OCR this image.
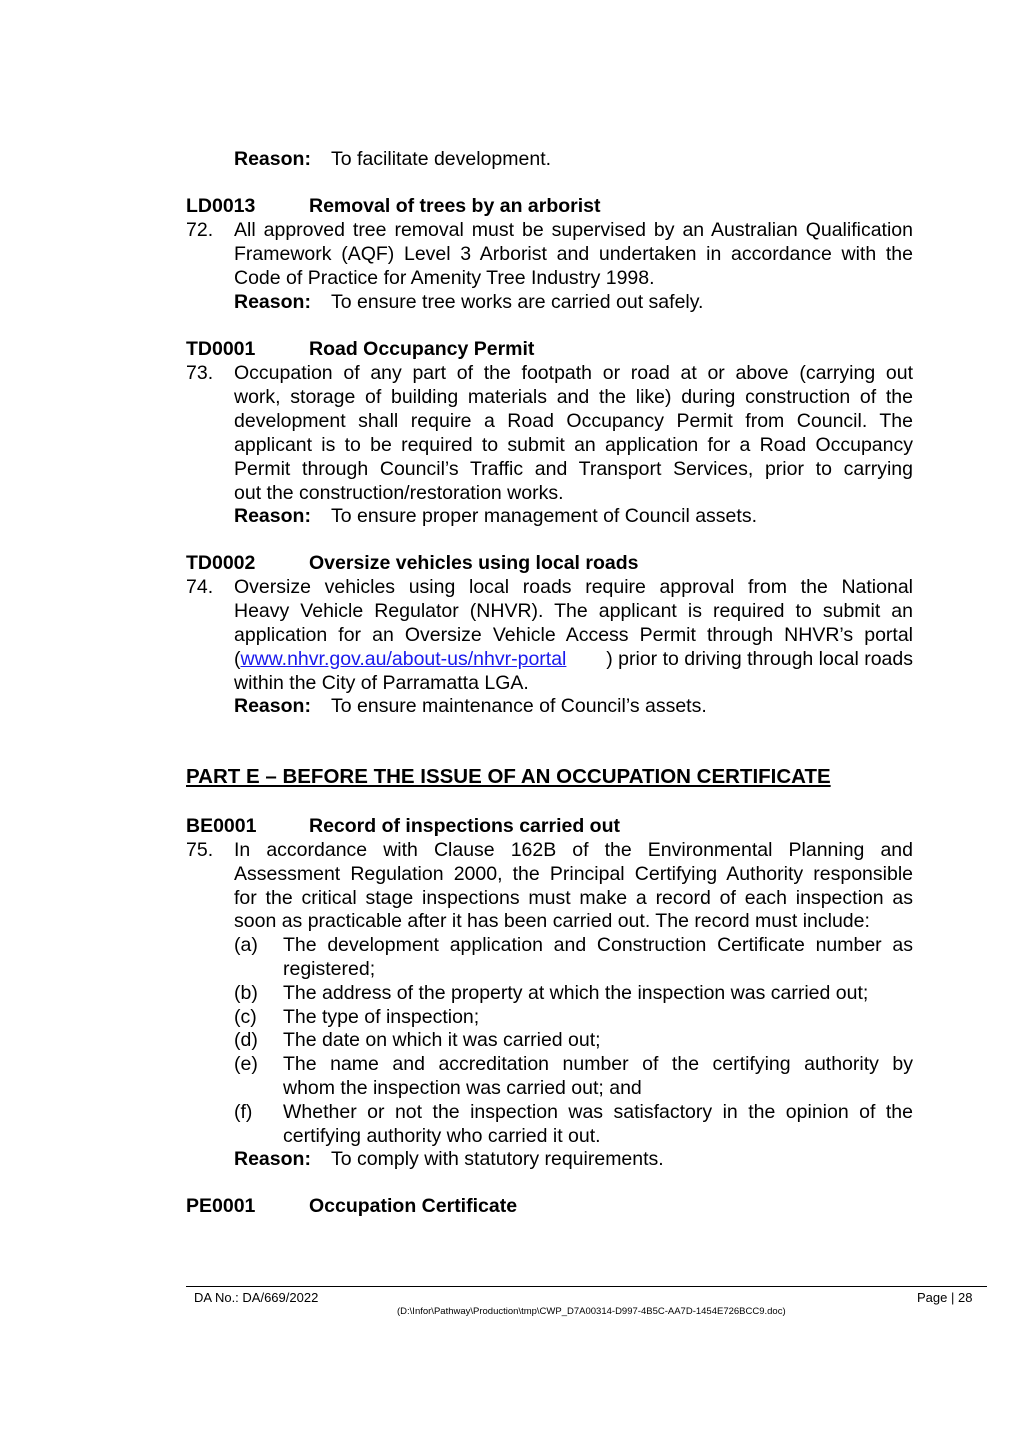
Reason: To facilitate development.
LD0013	Removal of trees by an arborist
72. All approved tree removal must be supervised by an Australian Qualification
Framework (AQF) Level 3 Arborist and undertaken in accordance with the
Code of Practice for Amenity Tree Industry 1998.
Reason: To ensure tree works are carried out safely.
TD0001	Road Occupancy Permit
73. Occupation of any part of the footpath or road at or above (carrying out
work, storage of building materials and the like) during construction of the
development shall require a Road Occupancy Permit from Council. The
applicant is to be required to submit an application for a Road Occupancy
Permit through Council’s Traffic and Transport Services, prior to carrying
out the construction/restoration works.
Reason: To ensure proper management of Council assets.
TD0002	Oversize vehicles using local roads
74. Oversize vehicles using local roads require approval from the National
Heavy Vehicle Regulator (NHVR). The applicant is required to submit an
application for an Oversize Vehicle Access Permit through NHVR’s portal
(www.nhvr.gov.au/about-us/nhvr-portal ) prior to driving through local roads
within the City of Parramatta LGA.
Reason: To ensure maintenance of Council’s assets.
PART E – BEFORE THE ISSUE OF AN OCCUPATION CERTIFICATE
BE0001	Record of inspections carried out
75. In accordance with Clause 162B of the Environmental Planning and
Assessment Regulation 2000, the Principal Certifying Authority responsible
for the critical stage inspections must make a record of each inspection as
soon as practicable after it has been carried out. The record must include:
(a) The development application and Construction Certificate number as
registered;
(b) The address of the property at which the inspection was carried out;
(c) The type of inspection;
(d) The date on which it was carried out;
(e) The name and accreditation number of the certifying authority by
whom the inspection was carried out; and
(f) Whether or not the inspection was satisfactory in the opinion of the
certifying authority who carried it out.
Reason: To comply with statutory requirements.
PE0001	Occupation Certificate
DA No.: DA/669/2022	Page | 28
(D:\Infor\Pathway\Production\tmp\CWP_D7A00314-D997-4B5C-AA7D-1454E726BCC9.doc)
